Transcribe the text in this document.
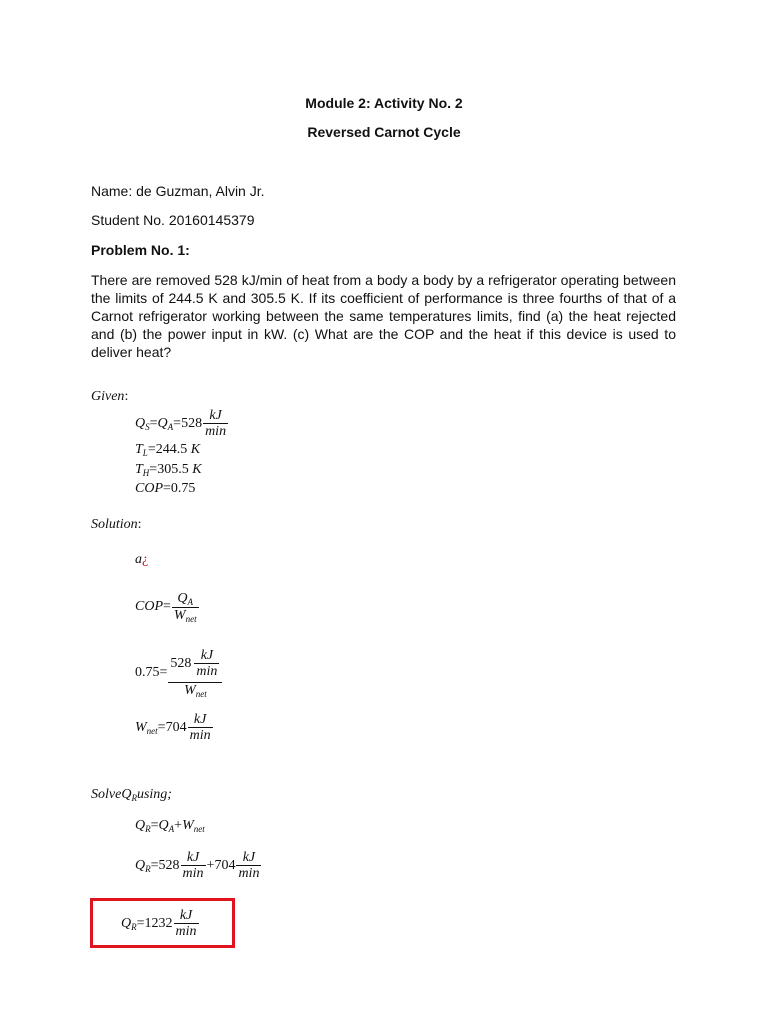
Module 2: Activity No. 2
Reversed Carnot Cycle
Name: de Guzman, Alvin Jr.
Student No. 20160145379
Problem No. 1:
There are removed 528 kJ/min of heat from a body a body by a refrigerator operating between the limits of 244.5 K and 305.5 K. If its coefficient of performance is three fourths of that of a Carnot refrigerator working between the same temperatures limits, find (a) the heat rejected and (b) the power input in kW. (c) What are the COP and the heat if this device is used to deliver heat?
Given:
Q S = Q $A = 528 \frac{kJ}{\min}$
$T_L=244.5$ K
$T_H=305.5$ K
COP=0.75
Solution:
a¿
COP = $\frac{Q_A}{W_{net}}$
$0.75 = \frac{528 \frac{kJ}{\min}}{W_{net}}$
W net = $704 \frac{kJ}{\min}$
SolveQ$_R$using;
$Q_R=Q_A+W_{net}$
Q $R = 528 \frac{kJ}{\min} + 704 \frac{kJ}{\min}$
Q $R = 1232 \frac{kJ}{\min}$
